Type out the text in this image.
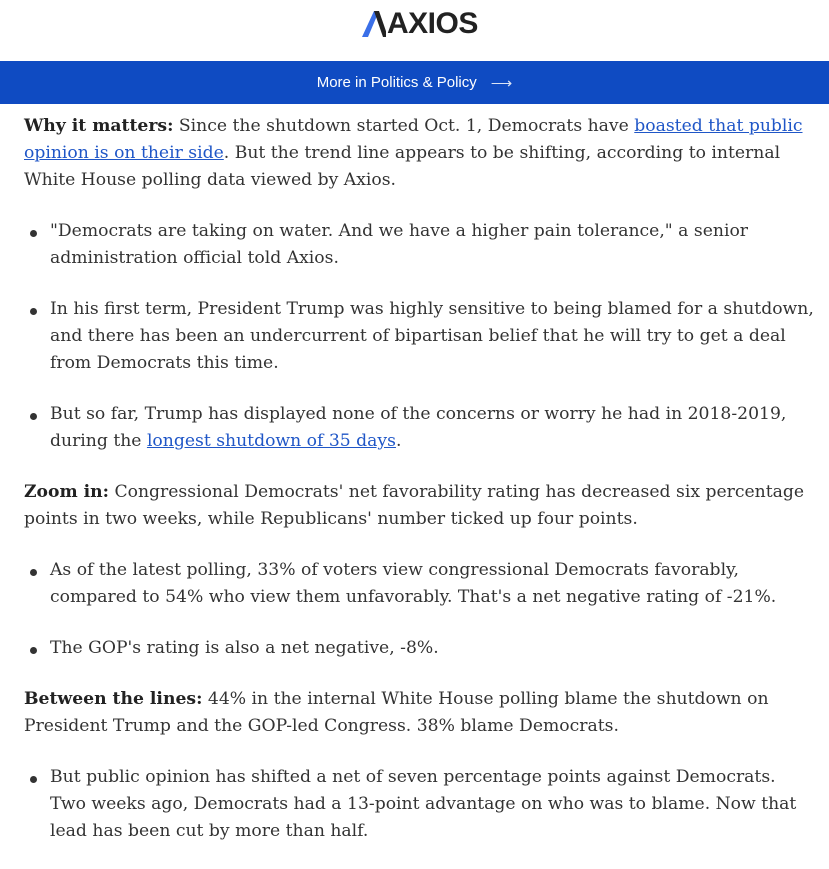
AXIOS
More in Politics & Policy ⟶

Why it matters: Since the shutdown started Oct. 1, Democrats have boasted that public opinion is on their side. But the trend line appears to be shifting, according to internal White House polling data viewed by Axios.

"Democrats are taking on water. And we have a higher pain tolerance," a senior administration official told Axios.
In his first term, President Trump was highly sensitive to being blamed for a shutdown, and there has been an undercurrent of bipartisan belief that he will try to get a deal from Democrats this time.
But so far, Trump has displayed none of the concerns or worry he had in 2018-2019, during the longest shutdown of 35 days.

Zoom in: Congressional Democrats' net favorability rating has decreased six percentage points in two weeks, while Republicans' number ticked up four points.

As of the latest polling, 33% of voters view congressional Democrats favorably, compared to 54% who view them unfavorably. That's a net negative rating of -21%.
The GOP's rating is also a net negative, -8%.

Between the lines: 44% in the internal White House polling blame the shutdown on President Trump and the GOP-led Congress. 38% blame Democrats.

But public opinion has shifted a net of seven percentage points against Democrats. Two weeks ago, Democrats had a 13-point advantage on who was to blame. Now that lead has been cut by more than half.
